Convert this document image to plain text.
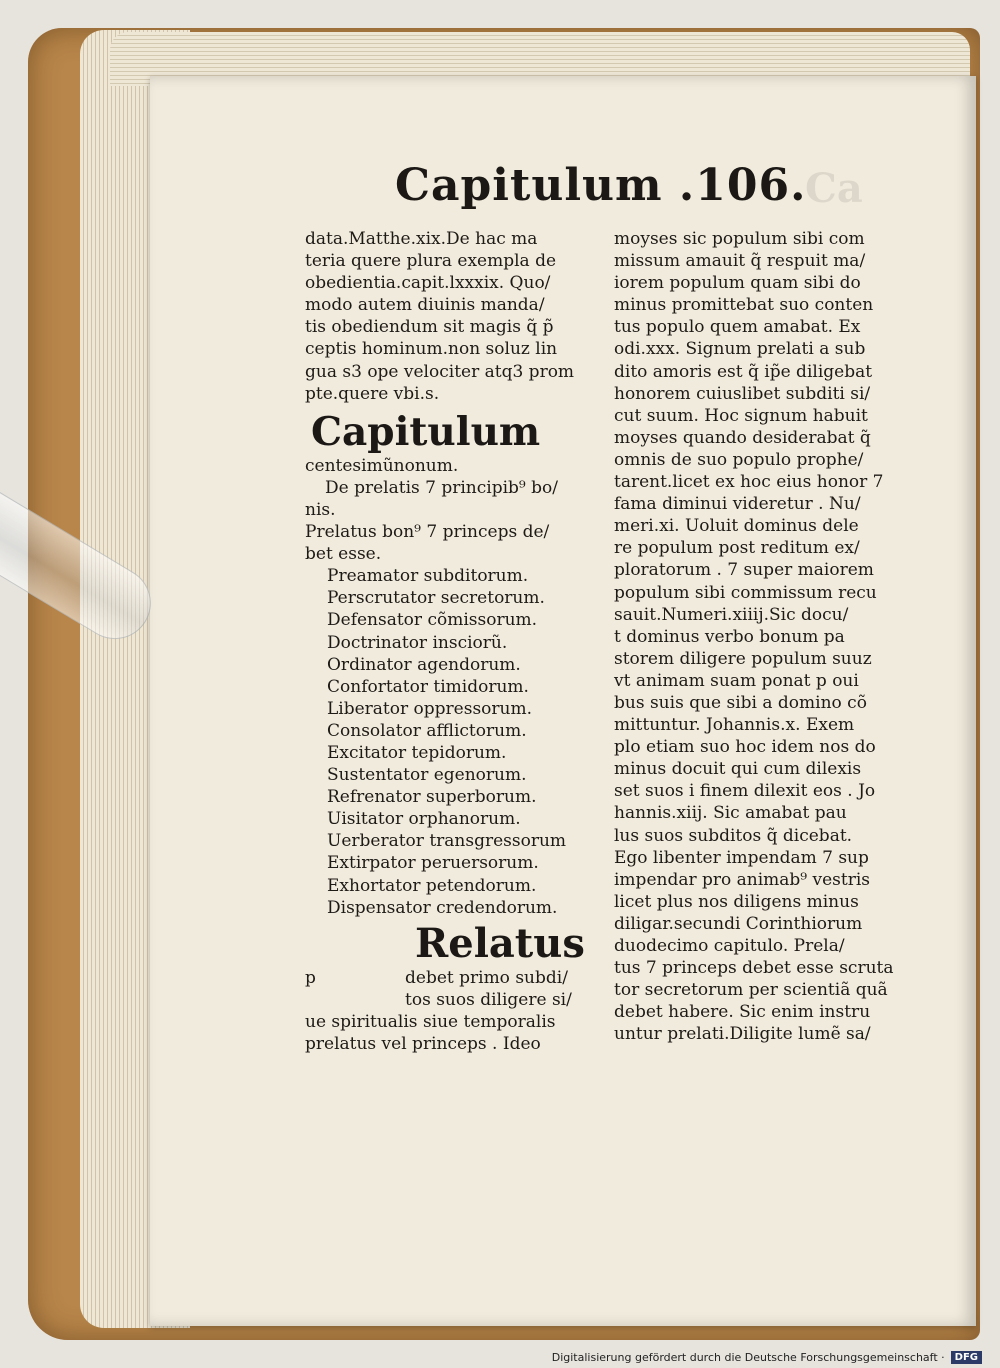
Capitulum .106.
Ca
data.Matthe.xix.De hac ma
teria quere plura exempla de
obedientia.capit.lxxxix. Quo/
modo autem diuinis manda/
tis obediendum sit magis q̃ p̃
ceptis hominum.non soluz lin
gua s3 ope velociter atq3 prom
pte.quere vbi.s.
Capitulum
centesimũnonum.
De prelatis 7 principib⁹ bo/
nis.
Prelatus bon⁹ 7 princeps de/
bet esse.
Preamator subditorum.
Perscrutator secretorum.
Defensator cõmissorum.
Doctrinator insciorũ.
Ordinator agendorum.
Confortator timidorum.
Liberator oppressorum.
Consolator afflictorum.
Excitator tepidorum.
Sustentator egenorum.
Refrenator superborum.
Uisitator orphanorum.
Uerberator transgressorum
Extirpator peruersorum.
Exhortator petendorum.
Dispensator credendorum.
Relatus
p	debet primo subdi/
tos suos diligere si/
ue spiritualis siue temporalis
prelatus vel princeps . Ideo
moyses sic populum sibi com
missum amauit q̃ respuit ma/
iorem populum quam sibi do
minus promittebat suo conten
tus populo quem amabat. Ex
odi.xxx. Signum prelati a sub
dito amoris est q̃ ip̃e diligebat
honorem cuiuslibet subditi si/
cut suum. Hoc signum habuit
moyses quando desiderabat q̃
omnis de suo populo prophe/
tarent.licet ex hoc eius honor 7
fama diminui videretur . Nu/
meri.xi. Uoluit dominus dele
re populum post reditum ex/
ploratorum . 7 super maiorem
populum sibi commissum recu
sauit.Numeri.xiiij.Sic docu/
t dominus verbo bonum pa
storem diligere populum suuz
vt animam suam ponat p oui
bus suis que sibi a domino cõ
mittuntur. Johannis.x. Exem
plo etiam suo hoc idem nos do
minus docuit qui cum dilexis
set suos i finem dilexit eos . Jo
hannis.xiij. Sic amabat pau
lus suos subditos q̃ dicebat.
Ego libenter impendam 7 sup
impendar pro animab⁹ vestris
licet plus nos diligens minus
diligar.secundi Corinthiorum
duodecimo capitulo. Prela/
tus 7 princeps debet esse scruta
tor secretorum per scientiã quã
debet habere. Sic enim instru
untur prelati.Diligite lumẽ sa/
Digitalisierung gefördert durch die Deutsche Forschungsgemeinschaft ·	DFG
